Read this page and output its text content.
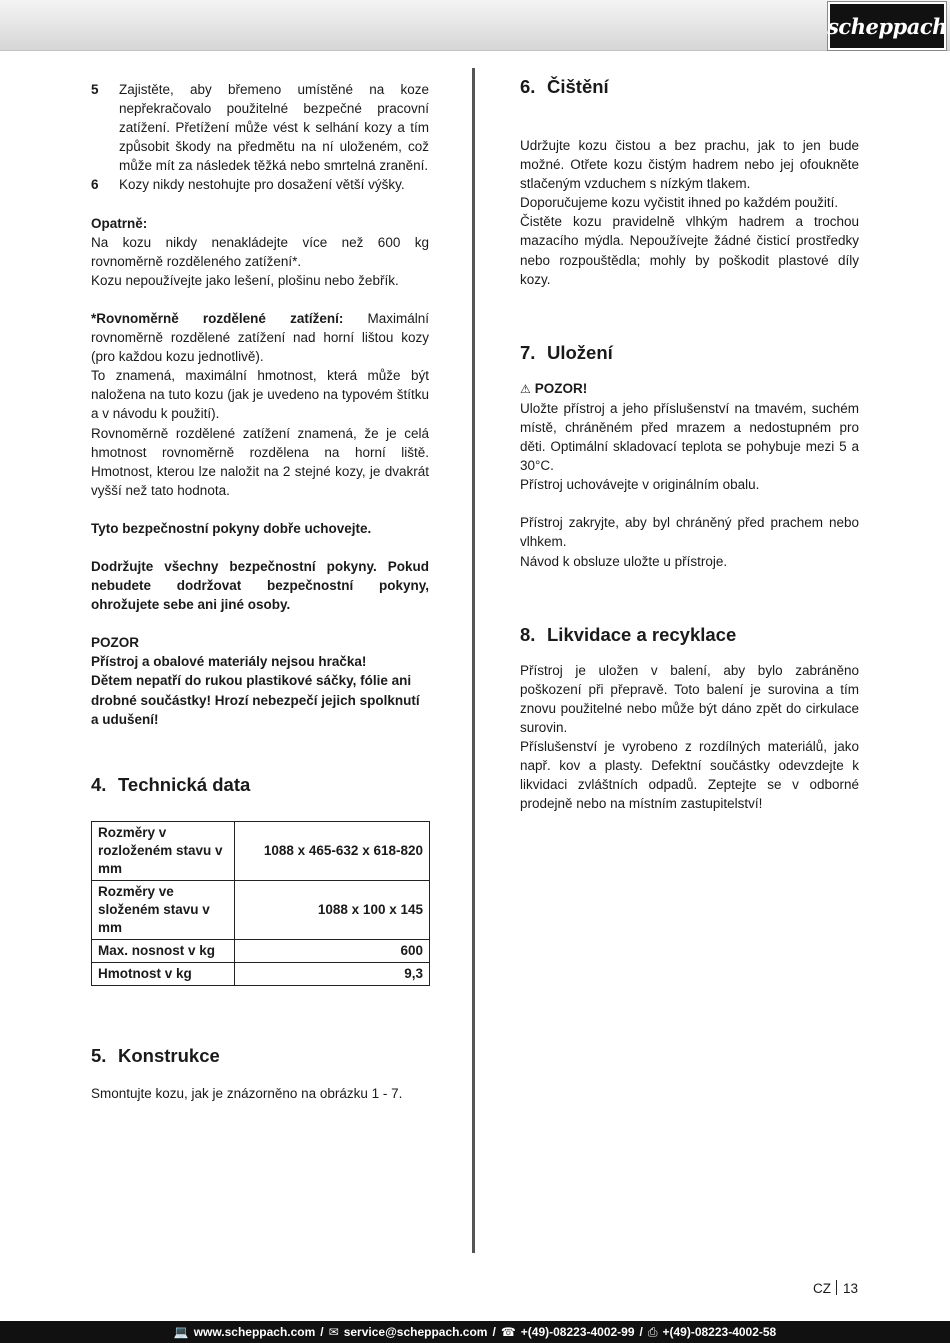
scheppach

5 Zajistěte, aby břemeno umístěné na koze nepřekračovalo použitelné bezpečné pracovní zatížení. Přetížení může vést k selhání kozy a tím způsobit škody na předmětu na ní uloženém, což může mít za následek těžká nebo smrtelná zranění.

6 Kozy nikdy nestohujte pro dosažení větší výšky.

Opatrně:

Na kozu nikdy nenakládejte více než 600 kg rovnoměrně rozděleného zatížení*.

Kozu nepoužívejte jako lešení, plošinu nebo žebřík.

*Rovnoměrně rozdělené zatížení: Maximální rovnoměrně rozdělené zatížení nad horní lištou kozy (pro každou kozu jednotlivě).

To znamená, maximální hmotnost, která může být naložena na tuto kozu (jak je uvedeno na typovém štítku a v návodu k použití).

Rovnoměrně rozdělené zatížení znamená, že je celá hmotnost rovnoměrně rozdělena na horní liště. Hmotnost, kterou lze naložit na 2 stejné kozy, je dvakrát vyšší než tato hodnota.

Tyto bezpečnostní pokyny dobře uchovejte.

Dodržujte všechny bezpečnostní pokyny. Pokud nebudete dodržovat bezpečnostní pokyny, ohrožujete sebe ani jiné osoby.

POZOR

Přístroj a obalové materiály nejsou hračka!

Dětem nepatří do rukou plastikové sáčky, fólie ani drobné součástky! Hrozí nebezpečí jejich spolknutí a udušení!

4. Technická data
Rozměry v rozloženém stavu v mm	1088 x 465-632 x 618-820
Rozměry ve složeném stavu v mm	1088 x 100 x 145
Max. nosnost v kg	600
Hmotnost v kg	9,3
5. Konstrukce

Smontujte kozu, jak je znázorněno na obrázku 1 - 7.

6. Čištění

Udržujte kozu čistou a bez prachu, jak to jen bude možné. Otřete kozu čistým hadrem nebo jej ofoukněte stlačeným vzduchem s nízkým tlakem.

Doporučujeme kozu vyčistit ihned po každém použití.

Čistěte kozu pravidelně vlhkým hadrem a trochou mazacího mýdla. Nepoužívejte žádné čisticí prostředky nebo rozpouštědla; mohly by poškodit plastové díly kozy.

7. Uložení

⚠ POZOR!

Uložte přístroj a jeho příslušenství na tmavém, suchém místě, chráněném před mrazem a nedostupném pro děti. Optimální skladovací teplota se pohybuje mezi 5 a 30°C.

Přístroj uchovávejte v originálním obalu.

Přístroj zakryjte, aby byl chráněný před prachem nebo vlhkem.

Návod k obsluze uložte u přístroje.

8. Likvidace a recyklace

Přístroj je uložen v balení, aby bylo zabráněno poškození při přepravě. Toto balení je surovina a tím znovu použitelné nebo může být dáno zpět do cirkulace surovin.

Příslušenství je vyrobeno z rozdílných materiálů, jako např. kov a plasty. Defektní součástky odevzdejte k likvidaci zvláštních odpadů. Zeptejte se v odborné prodejně nebo na místním zastupitelství!

CZ 13
💻 www.scheppach.com / ✉ service@scheppach.com / ☎ +(49)-08223-4002-99 / ⎙ +(49)-08223-4002-58
